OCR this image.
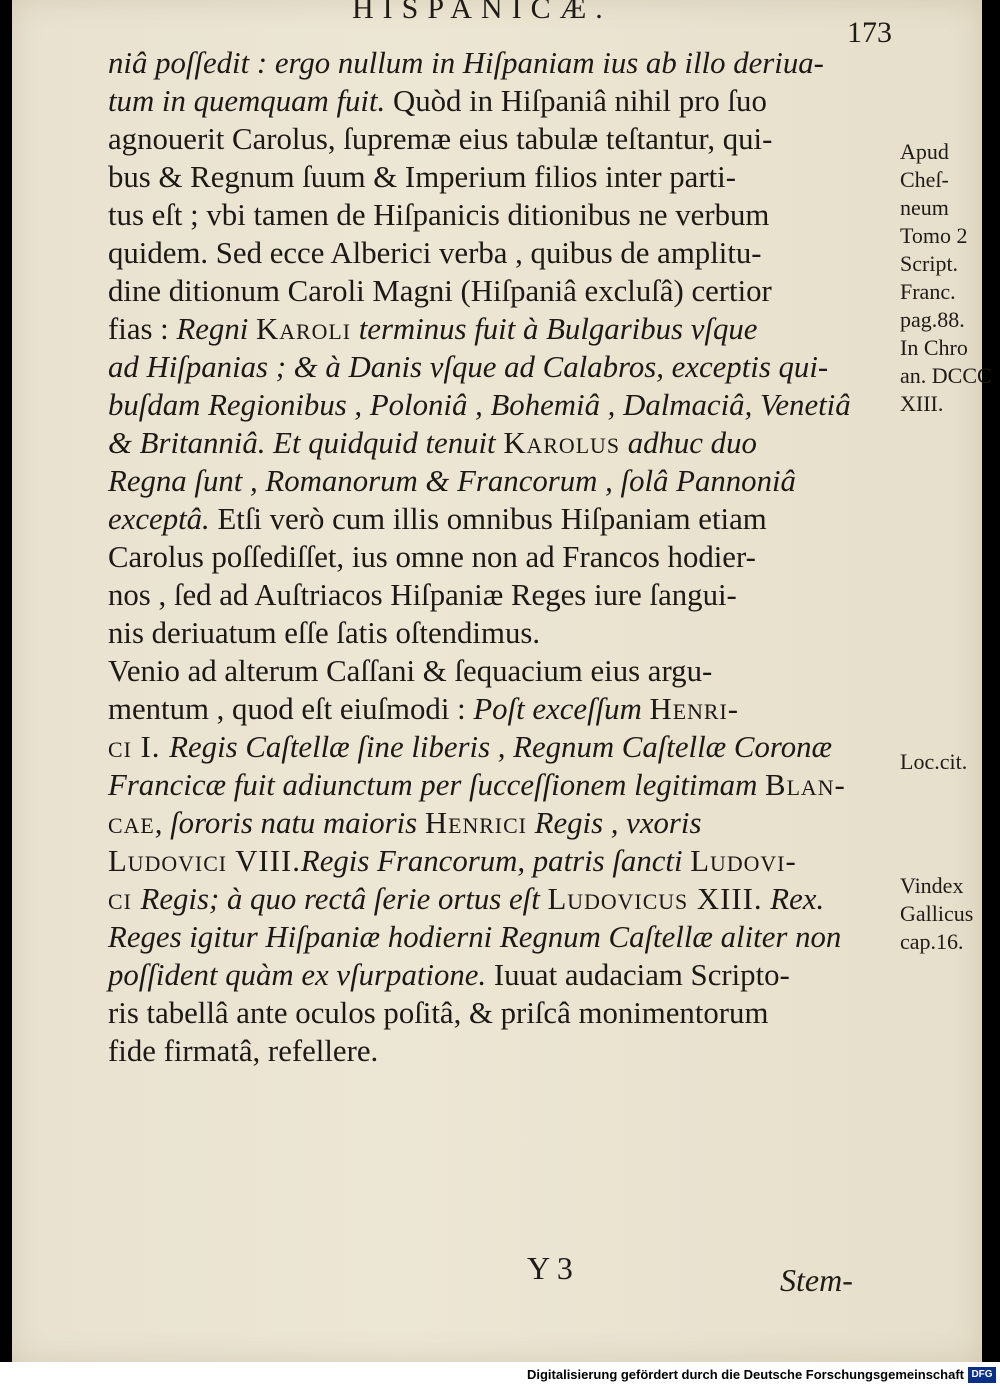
HISPANICÆ.
173
niâ poſſedit : ergo nullum in Hiſpaniam ius ab illo deriua-
tum in quemquam fuit. Quòd in Hiſpaniâ nihil pro ſuo
agnouerit Carolus, ſupremæ eius tabulæ teſtantur, qui-
bus & Regnum ſuum & Imperium filios inter parti-
tus eſt ; vbi tamen de Hiſpanicis ditionibus ne verbum
quidem. Sed ecce Alberici verba , quibus de amplitu-
dine ditionum Caroli Magni (Hiſpaniâ excluſâ) certior
fias : Regni Karoli terminus fuit à Bulgaribus vſque
ad Hiſpanias ; & à Danis vſque ad Calabros, exceptis qui-
buſdam Regionibus , Poloniâ , Bohemiâ , Dalmaciâ, Venetiâ
& Britanniâ. Et quidquid tenuit Karolus adhuc duo
Regna ſunt , Romanorum & Francorum , ſolâ Pannoniâ
exceptâ. Etſi verò cum illis omnibus Hiſpaniam etiam
Carolus poſſediſſet, ius omne non ad Francos hodier-
nos , ſed ad Auſtriacos Hiſpaniæ Reges iure ſangui-
nis deriuatum eſſe ſatis oſtendimus.
Venio ad alterum Caſſani & ſequacium eius argu-
mentum , quod eſt eiuſmodi : Poſt exceſſum Henri-
ci I. Regis Caſtellæ ſine liberis , Regnum Caſtellæ Coronæ
Francicæ fuit adiunctum per ſucceſſionem legitimam Blan-
cae, ſororis natu maioris Henrici Regis , vxoris
Ludovici VIII.Regis Francorum, patris ſancti Ludovi-
ci Regis; à quo rectâ ſerie ortus eſt Ludovicus XIII. Rex.
Reges igitur Hiſpaniæ hodierni Regnum Caſtellæ aliter non
poſſident quàm ex vſurpatione. Iuuat audaciam Scripto-
ris tabellâ ante oculos poſitâ, & priſcâ monimentorum
fide firmatâ, refellere.
Apud
Cheſ-
neum
Tomo 2
Script.
Franc.
pag.88.
In Chro
an. DCCC
XIII.
Loc.cit.
Vindex
Gallicus
cap.16.
Y 3	Stem-
Digitalisierung gefördert durch die Deutsche Forschungsgemeinschaft DFG
